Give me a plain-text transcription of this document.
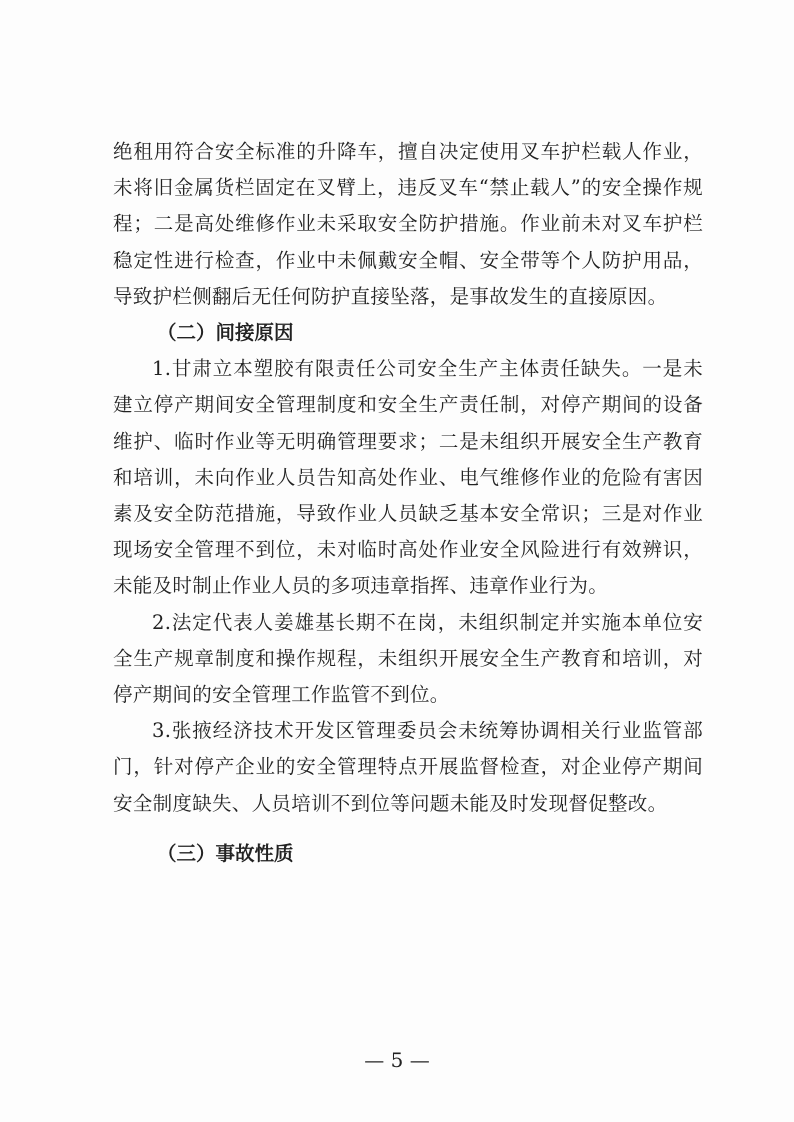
绝租用符合安全标准的升降车，擅自决定使用叉车护栏载人作业，未将旧金属货栏固定在叉臂上，违反叉车“禁止载人”的安全操作规程；二是高处维修作业未采取安全防护措施。作业前未对叉车护栏稳定性进行检查，作业中未佩戴安全帽、安全带等个人防护用品，导致护栏侧翻后无任何防护直接坠落，是事故发生的直接原因。

（二）间接原因

1.甘肃立本塑胶有限责任公司安全生产主体责任缺失。一是未建立停产期间安全管理制度和安全生产责任制，对停产期间的设备维护、临时作业等无明确管理要求；二是未组织开展安全生产教育和培训，未向作业人员告知高处作业、电气维修作业的危险有害因素及安全防范措施，导致作业人员缺乏基本安全常识；三是对作业现场安全管理不到位，未对临时高处作业安全风险进行有效辨识，未能及时制止作业人员的多项违章指挥、违章作业行为。

2.法定代表人姜雄基长期不在岗，未组织制定并实施本单位安全生产规章制度和操作规程，未组织开展安全生产教育和培训，对停产期间的安全管理工作监管不到位。

3.张掖经济技术开发区管理委员会未统筹协调相关行业监管部门，针对停产企业的安全管理特点开展监督检查，对企业停产期间安全制度缺失、人员培训不到位等问题未能及时发现督促整改。

（三）事故性质

— 5 —
